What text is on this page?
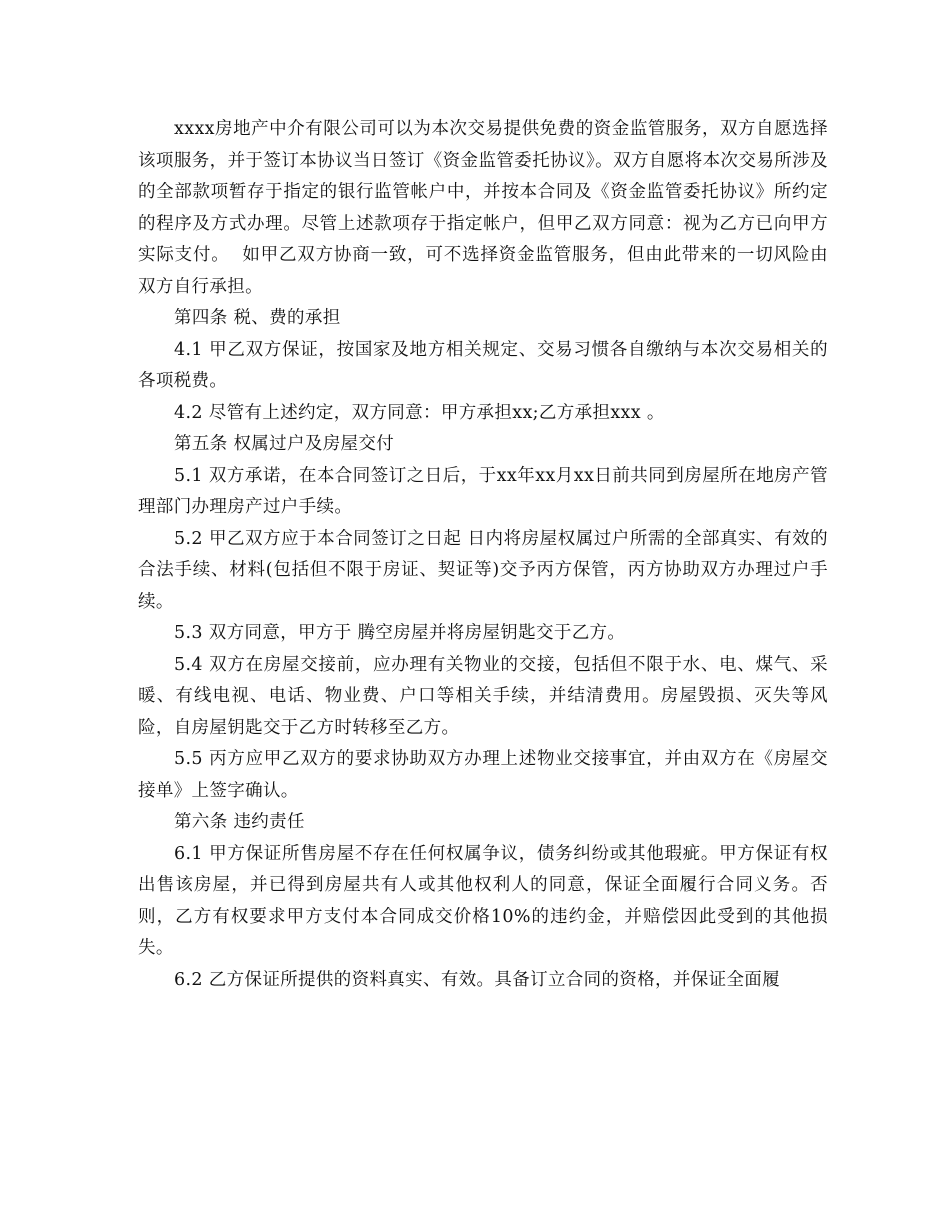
xxxx房地产中介有限公司可以为本次交易提供免费的资金监管服务，双方自愿选择该项服务，并于签订本协议当日签订《资金监管委托协议》。双方自愿将本次交易所涉及的全部款项暂存于指定的银行监管帐户中，并按本合同及《资金监管委托协议》所约定的程序及方式办理。尽管上述款项存于指定帐户，但甲乙双方同意：视为乙方已向甲方实际支付。  如甲乙双方协商一致，可不选择资金监管服务，但由此带来的一切风险由双方自行承担。

第四条 税、费的承担

4.1 甲乙双方保证，按国家及地方相关规定、交易习惯各自缴纳与本次交易相关的各项税费。

4.2 尽管有上述约定，双方同意：甲方承担xx;乙方承担xxx 。

第五条 权属过户及房屋交付

5.1 双方承诺，在本合同签订之日后，于xx年xx月xx日前共同到房屋所在地房产管理部门办理房产过户手续。

5.2 甲乙双方应于本合同签订之日起 日内将房屋权属过户所需的全部真实、有效的合法手续、材料(包括但不限于房证、契证等)交予丙方保管，丙方协助双方办理过户手续。

5.3 双方同意，甲方于 腾空房屋并将房屋钥匙交于乙方。

5.4 双方在房屋交接前，应办理有关物业的交接，包括但不限于水、电、煤气、采暖、有线电视、电话、物业费、户口等相关手续，并结清费用。房屋毁损、灭失等风险，自房屋钥匙交于乙方时转移至乙方。

5.5 丙方应甲乙双方的要求协助双方办理上述物业交接事宜，并由双方在《房屋交接单》上签字确认。

第六条 违约责任

6.1 甲方保证所售房屋不存在任何权属争议，债务纠纷或其他瑕疵。甲方保证有权出售该房屋，并已得到房屋共有人或其他权利人的同意，保证全面履行合同义务。否则，乙方有权要求甲方支付本合同成交价格10%的违约金，并赔偿因此受到的其他损失。

6.2 乙方保证所提供的资料真实、有效。具备订立合同的资格，并保证全面履
